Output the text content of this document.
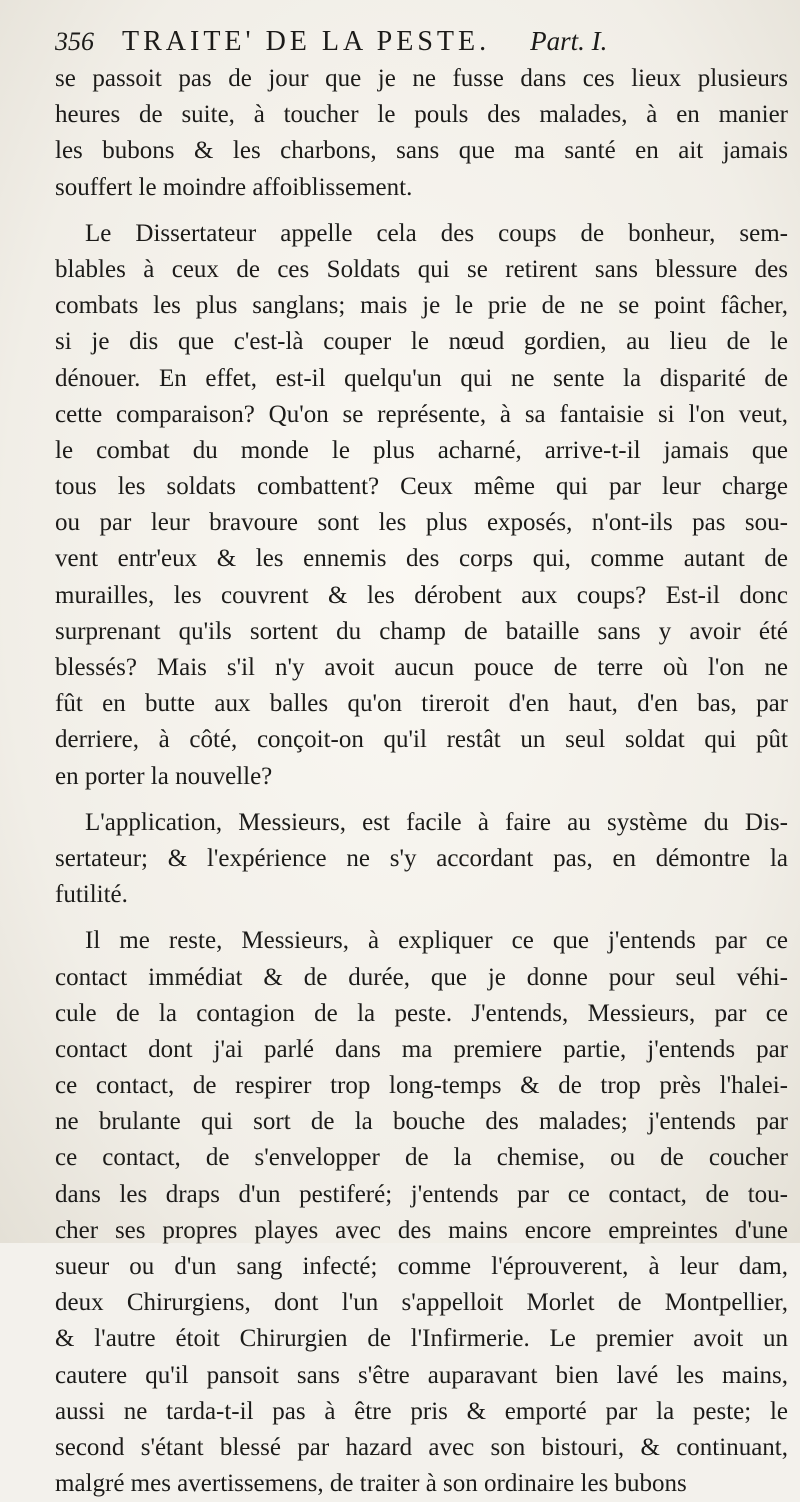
356 TRAITE' DE LA PESTE. Part. I.
se passoit pas de jour que je ne fusse dans ces lieux plusieurs
heures de suite, à toucher le pouls des malades, à en manier
les bubons & les charbons, sans que ma santé en ait jamais
souffert le moindre affoiblissement.
Le Dissertateur appelle cela des coups de bonheur, sem-
blables à ceux de ces Soldats qui se retirent sans blessure des
combats les plus sanglans; mais je le prie de ne se point fâcher,
si je dis que c'est-là couper le nœud gordien, au lieu de le
dénouer. En effet, est-il quelqu'un qui ne sente la disparité de
cette comparaison? Qu'on se représente, à sa fantaisie si l'on veut,
le combat du monde le plus acharné, arrive-t-il jamais que
tous les soldats combattent? Ceux même qui par leur charge
ou par leur bravoure sont les plus exposés, n'ont-ils pas sou-
vent entr'eux & les ennemis des corps qui, comme autant de
murailles, les couvrent & les dérobent aux coups? Est-il donc
surprenant qu'ils sortent du champ de bataille sans y avoir été
blessés? Mais s'il n'y avoit aucun pouce de terre où l'on ne
fût en butte aux balles qu'on tireroit d'en haut, d'en bas, par
derriere, à côté, conçoit-on qu'il restât un seul soldat qui pût
en porter la nouvelle?
L'application, Messieurs, est facile à faire au système du Dis-
sertateur; & l'expérience ne s'y accordant pas, en démontre la
futilité.
Il me reste, Messieurs, à expliquer ce que j'entends par ce
contact immédiat & de durée, que je donne pour seul véhi-
cule de la contagion de la peste. J'entends, Messieurs, par ce
contact dont j'ai parlé dans ma premiere partie, j'entends par
ce contact, de respirer trop long-temps & de trop près l'halei-
ne brulante qui sort de la bouche des malades; j'entends par
ce contact, de s'envelopper de la chemise, ou de coucher
dans les draps d'un pestiferé; j'entends par ce contact, de tou-
cher ses propres playes avec des mains encore empreintes d'une
sueur ou d'un sang infecté; comme l'éprouverent, à leur dam,
deux Chirurgiens, dont l'un s'appelloit Morlet de Montpellier,
& l'autre étoit Chirurgien de l'Infirmerie. Le premier avoit un
cautere qu'il pansoit sans s'être auparavant bien lavé les mains,
aussi ne tarda-t-il pas à être pris & emporté par la peste; le
second s'étant blessé par hazard avec son bistouri, & continuant,
malgré mes avertissemens, de traiter à son ordinaire les bubons
